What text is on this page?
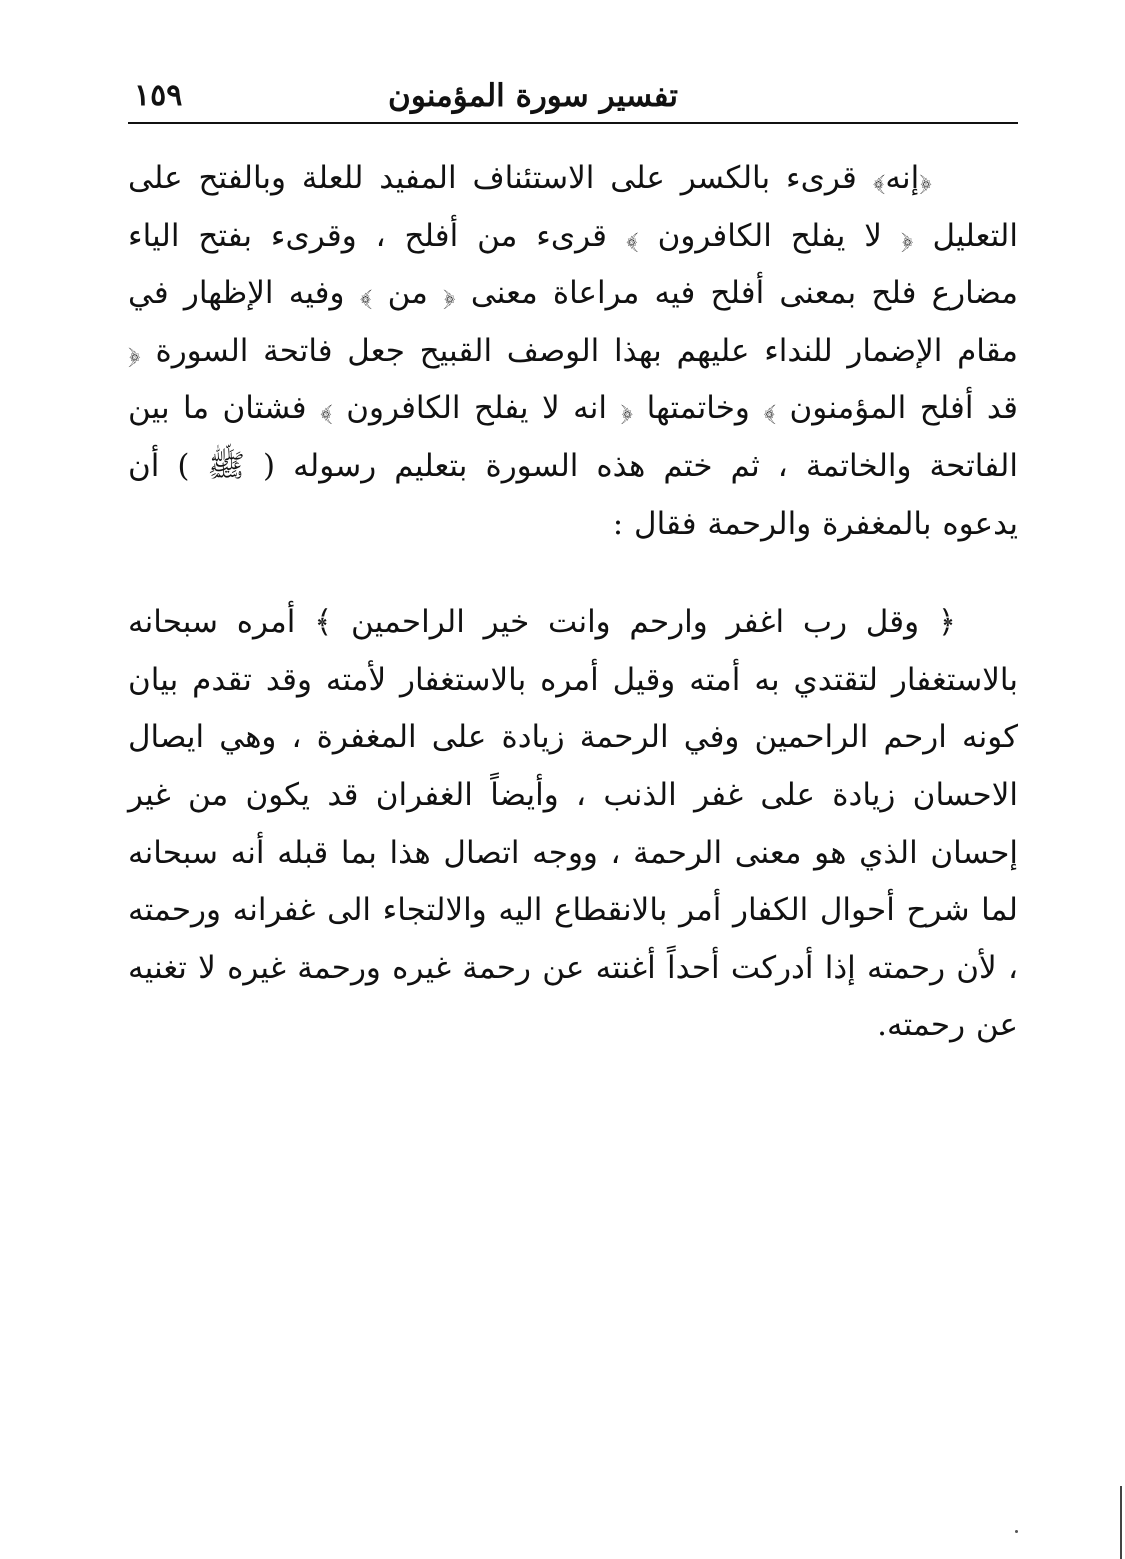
١٥٩	تفسير سورة المؤمنون

﴿إنه﴾ قرىء بالكسر على الاستئناف المفيد للعلة وبالفتح على التعليل ﴿ لا يفلح الكافرون ﴾ قرىء من أفلح ، وقرىء بفتح الياء مضارع فلح بمعنى أفلح فيه مراعاة معنى ﴿ من ﴾ وفيه الإظهار في مقام الإضمار للنداء عليهم بهذا الوصف القبيح جعل فاتحة السورة ﴿ قد أفلح المؤمنون ﴾ وخاتمتها ﴿ انه لا يفلح الكافرون ﴾ فشتان ما بين الفاتحة والخاتمة ، ثم ختم هذه السورة بتعليم رسوله ( ﷺ ) أن يدعوه بالمغفرة والرحمة فقال :

﴿ وقل رب اغفر وارحم وانت خير الراحمين ﴾ أمره سبحانه بالاستغفار لتقتدي به أمته وقيل أمره بالاستغفار لأمته وقد تقدم بيان كونه ارحم الراحمين وفي الرحمة زيادة على المغفرة ، وهي ايصال الاحسان زيادة على غفر الذنب ، وأيضاً الغفران قد يكون من غير إحسان الذي هو معنى الرحمة ، ووجه اتصال هذا بما قبله أنه سبحانه لما شرح أحوال الكفار أمر بالانقطاع اليه والالتجاء الى غفرانه ورحمته ، لأن رحمته إذا أدركت أحداً أغنته عن رحمة غيره ورحمة غيره لا تغنيه عن رحمته.
